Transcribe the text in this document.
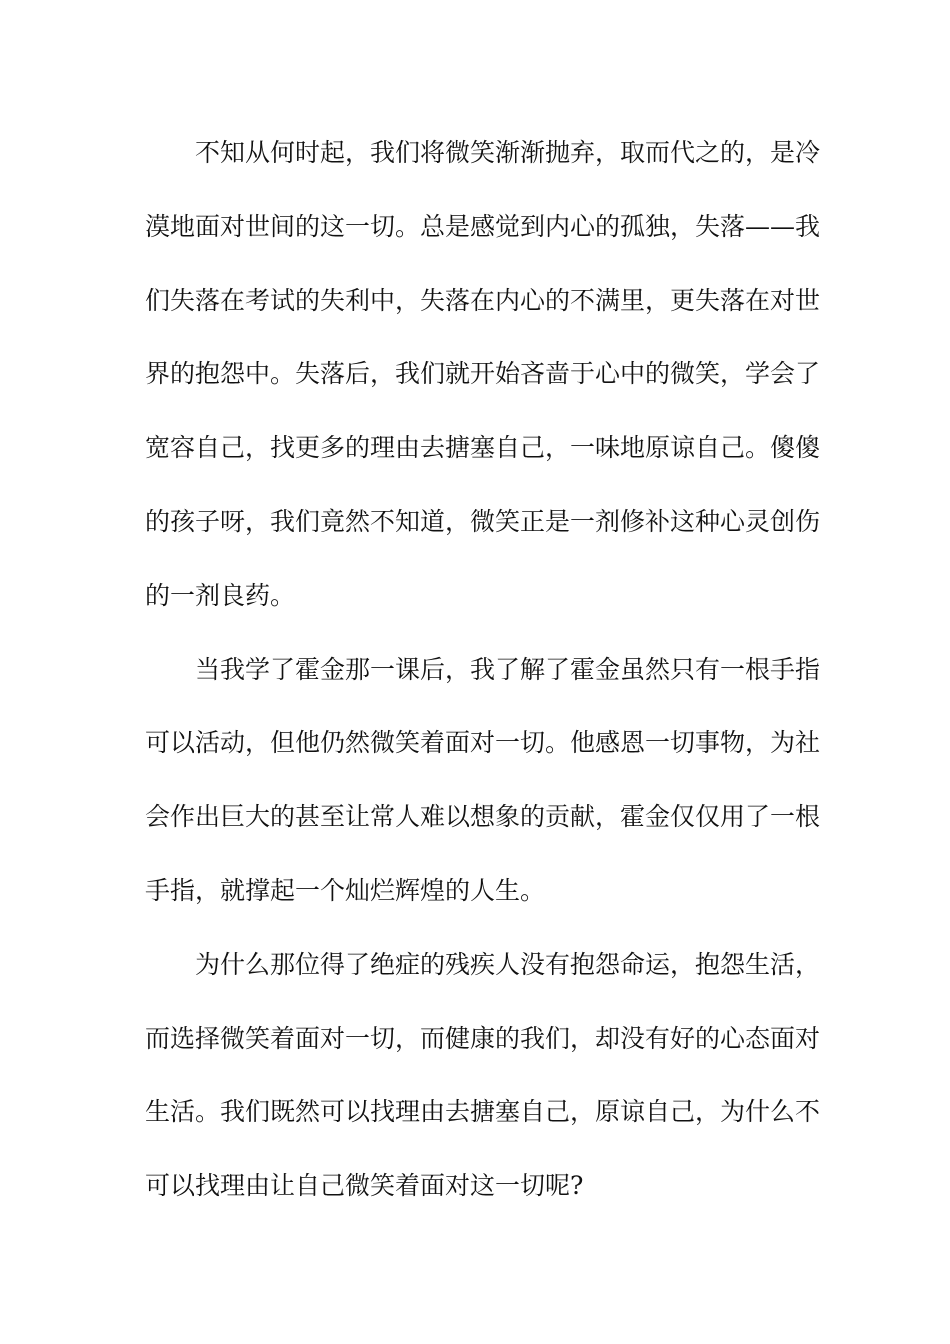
不知从何时起，我们将微笑渐渐抛弃，取而代之的，是冷
漠地面对世间的这一切。总是感觉到内心的孤独，失落——我
们失落在考试的失利中，失落在内心的不满里，更失落在对世
界的抱怨中。失落后，我们就开始吝啬于心中的微笑，学会了
宽容自己，找更多的理由去搪塞自己，一味地原谅自己。傻傻
的孩子呀，我们竟然不知道，微笑正是一剂修补这种心灵创伤
的一剂良药。
当我学了霍金那一课后，我了解了霍金虽然只有一根手指
可以活动，但他仍然微笑着面对一切。他感恩一切事物，为社
会作出巨大的甚至让常人难以想象的贡献，霍金仅仅用了一根
手指，就撑起一个灿烂辉煌的人生。
为什么那位得了绝症的残疾人没有抱怨命运，抱怨生活，
而选择微笑着面对一切，而健康的我们，却没有好的心态面对
生活。我们既然可以找理由去搪塞自己，原谅自己，为什么不
可以找理由让自己微笑着面对这一切呢?
